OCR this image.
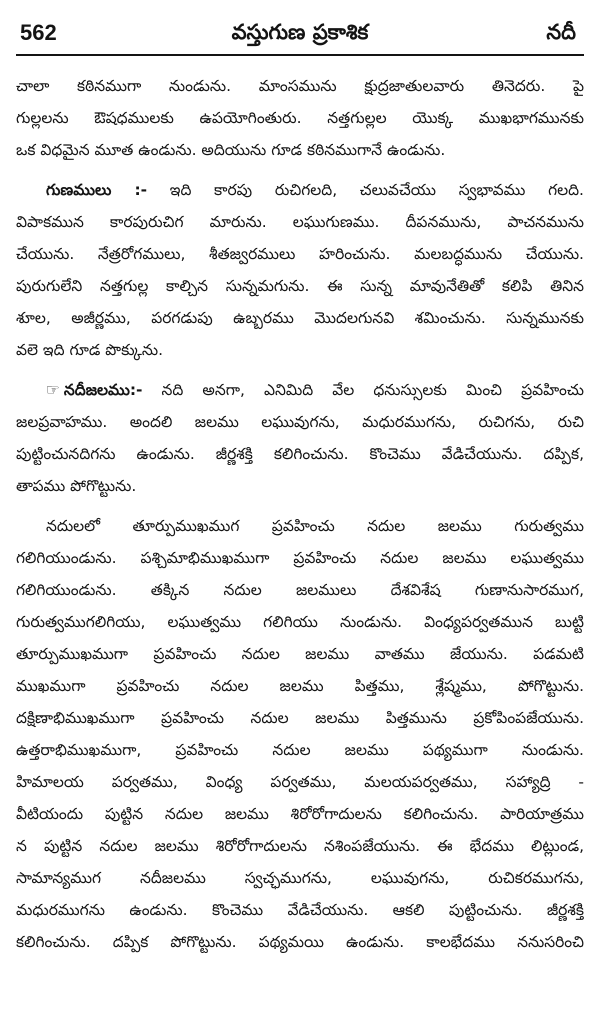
562	వస్తుగుణ ప్రకాశిక	నదీ
చాలా కఠినముగా నుండును. మాంసమును క్షుద్రజాతులవారు తినెదరు. పై
గుల్లలను ఔషధములకు ఉపయోగింతురు. నత్తగుల్లల యొక్క ముఖభాగమునకు
ఒక విధమైన మూత ఉండును. అదియును గూడ కఠినముగానే ఉండును.
గుణములు :- ఇది కారపు రుచిగలది, చలువచేయు స్వభావము గలది.
విపాకమున కారపురుచిగ మారును. లఘుగుణము. దీపనమును, పాచనమును
చేయును. నేత్రరోగములు, శీతజ్వరములు హరించును. మలబద్ధమును చేయును.
పురుగులేని నత్తగుల్ల కాల్చిన సున్నమగును. ఈ సున్న మావునేతితో కలిపి తినిన
శూల, అజీర్ణము, పరగడుపు ఉబ్బరము మొదలగునవి శమించును. సున్నమునకు
వలె ఇది గూడ పొక్కును.
☞ నదీజలము:- నది అనగా, ఎనిమిది వేల ధనుస్సులకు మించి ప్రవహించు
జలప్రవాహము. అందలి జలము లఘువుగను, మధురముగను, రుచిగను, రుచి
పుట్టించునదిగను ఉండును. జీర్ణశక్తి కలిగించును. కొంచెము వేడిచేయును. దప్పిక,
తాపము పోగొట్టును.
నదులలో తూర్పుముఖముగ ప్రవహించు నదుల జలము గురుత్వము
గలిగియుండును. పశ్చిమాభిముఖముగా ప్రవహించు నదుల జలము లఘుత్వము
గలిగియుండును. తక్కిన నదుల జలములు దేశవిశేష గుణానుసారముగ,
గురుత్వముగలిగియు, లఘుత్వము గలిగియు నుండును. వింధ్యపర్వతమున బుట్టి
తూర్పుముఖముగా ప్రవహించు నదుల జలము వాతము జేయును. పడమటి
ముఖముగా ప్రవహించు నదుల జలము పిత్తము, శ్లేష్మము, పోగొట్టును.
దక్షిణాభిముఖముగా ప్రవహించు నదుల జలము పిత్తమును ప్రకోపింపజేయును.
ఉత్తరాభిముఖముగా, ప్రవహించు నదుల జలము పథ్యముగా నుండును.
హిమాలయ పర్వతము, వింధ్య పర్వతము, మలయపర్వతము, సహ్యాద్రి -
వీటియందు పుట్టిన నదుల జలము శిరోరోగాదులను కలిగించును. పారియాత్రము
న పుట్టిన నదుల జలము శిరోరోగాదులను నశింపజేయును. ఈ భేదము లిట్లుండ,
సామాన్యముగ నదీజలము స్వచ్ఛముగను, లఘువుగను, రుచికరముగను,
మధురముగను ఉండును. కొంచెము వేడిచేయును. ఆకలి పుట్టించును. జీర్ణశక్తి
కలిగించును. దప్పిక పోగొట్టును. పథ్యమయి ఉండును. కాలభేదము ననుసరించి
